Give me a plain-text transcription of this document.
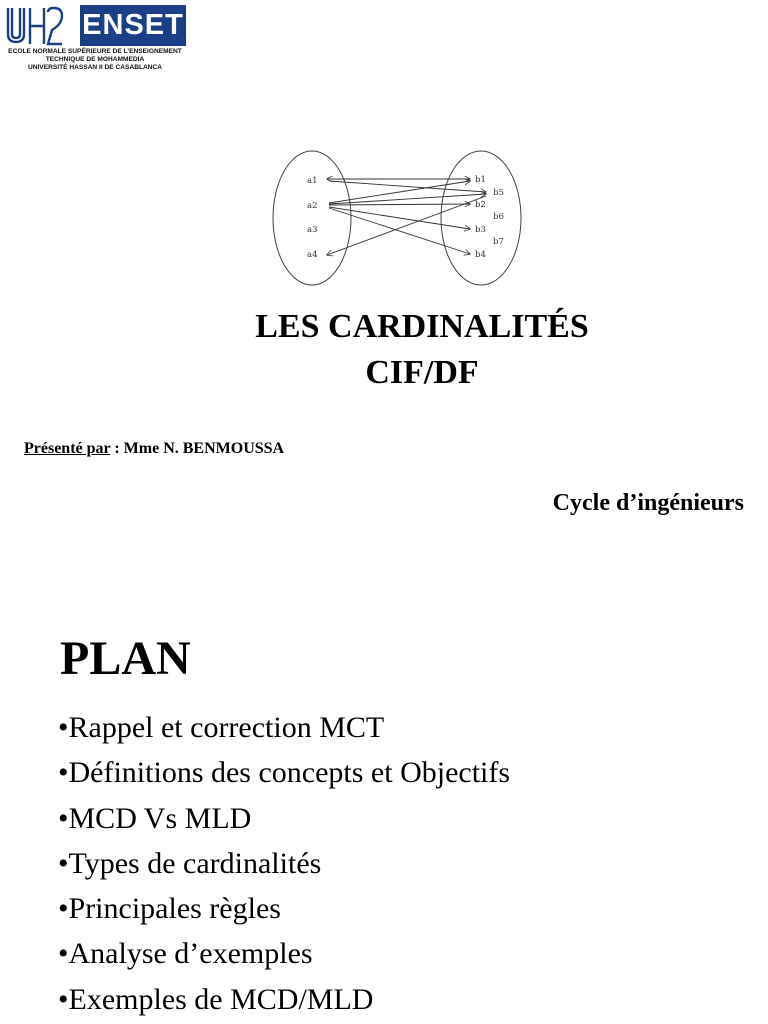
ENSET
ECOLE NORMALE SUPÉRIEURE DE L’ENSEIGNEMENT
TECHNIQUE DE MOHAMMEDIA
UNIVERSITÉ HASSAN II DE CASABLANCA
a1
a2
a3
a4
b1
b5
b2
b6
b3
b7
b4
LES CARDINALITÉS
CIF/DF
Présenté par : Mme N. BENMOUSSA
Cycle d’ingénieurs
PLAN
•Rappel et correction MCT
•Définitions des concepts et Objectifs
•MCD Vs MLD
•Types de cardinalités
•Principales règles
•Analyse d’exemples
•Exemples de MCD/MLD
